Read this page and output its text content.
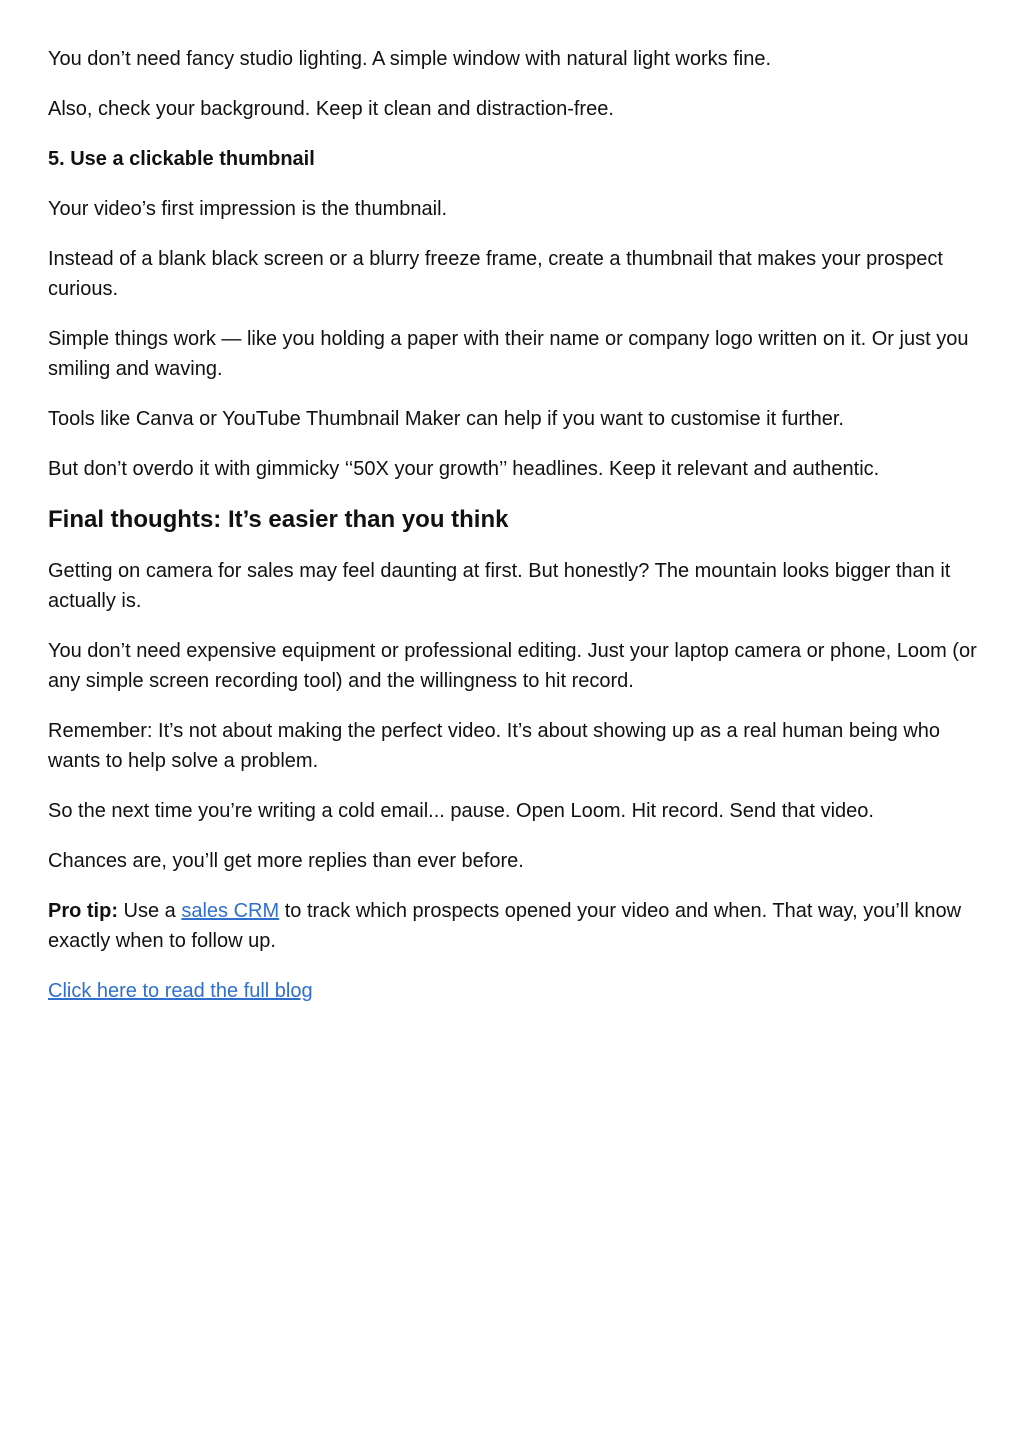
You don’t need fancy studio lighting. A simple window with natural light works fine.

Also, check your background. Keep it clean and distraction-free.

5. Use a clickable thumbnail

Your video’s first impression is the thumbnail.

Instead of a blank black screen or a blurry freeze frame, create a thumbnail that makes your prospect curious.

Simple things work — like you holding a paper with their name or company logo written on it. Or just you smiling and waving.

Tools like Canva or YouTube Thumbnail Maker can help if you want to customise it further.

But don’t overdo it with gimmicky ‘‘50X your growth’’ headlines. Keep it relevant and authentic.

Final thoughts: It’s easier than you think

Getting on camera for sales may feel daunting at first. But honestly? The mountain looks bigger than it actually is.

You don’t need expensive equipment or professional editing. Just your laptop camera or phone, Loom (or any simple screen recording tool) and the willingness to hit record.

Remember: It’s not about making the perfect video. It’s about showing up as a real human being who wants to help solve a problem.

So the next time you’re writing a cold email... pause. Open Loom. Hit record. Send that video.

Chances are, you’ll get more replies than ever before.

Pro tip: Use a sales CRM to track which prospects opened your video and when. That way, you’ll know exactly when to follow up.

Click here to read the full blog
